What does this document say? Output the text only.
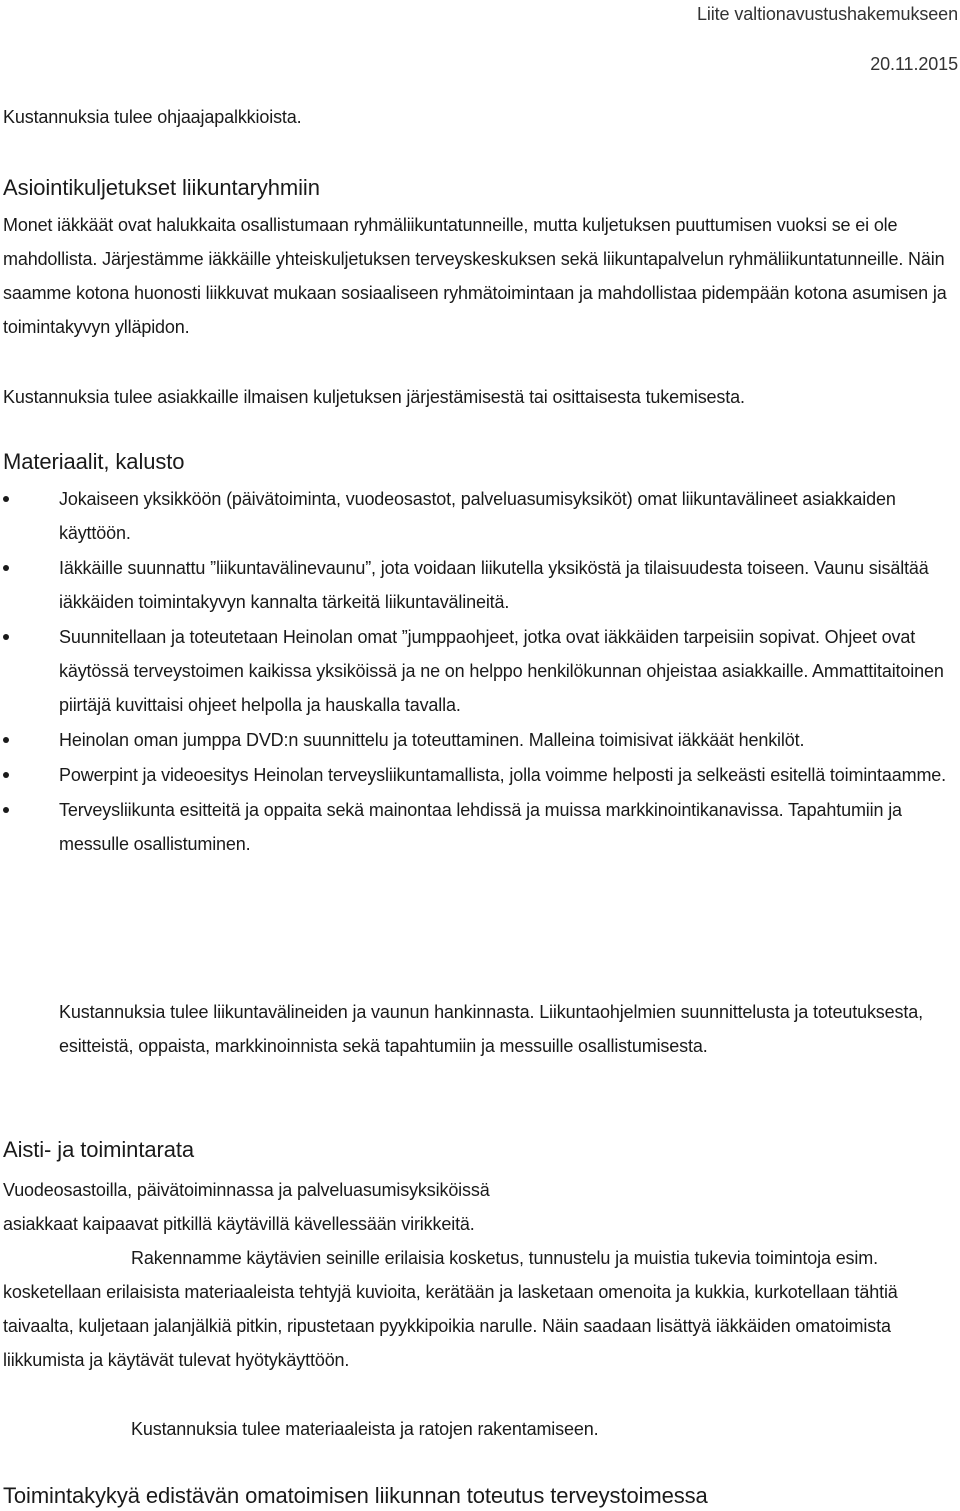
Liite valtionavustushakemukseen
20.11.2015

Kustannuksia tulee ohjaajapalkkioista.

Asiointikuljetukset liikuntaryhmiin

Monet iäkkäät ovat halukkaita osallistumaan ryhmäliikuntatunneille, mutta kuljetuksen puuttumisen vuoksi se ei ole mahdollista. Järjestämme iäkkäille yhteiskuljetuksen terveyskeskuksen sekä liikuntapalvelun ryhmäliikuntatunneille. Näin saamme kotona huonosti liikkuvat mukaan sosiaaliseen ryhmätoimintaan ja mahdollistaa pidempään kotona asumisen ja toimintakyvyn ylläpidon.

Kustannuksia tulee asiakkaille ilmaisen kuljetuksen järjestämisestä tai osittaisesta tukemisesta.

Materiaalit, kalusto
Jokaiseen yksikköön (päivätoiminta, vuodeosastot, palveluasumisyksiköt) omat liikuntavälineet asiakkaiden käyttöön.
Iäkkäille suunnattu ”liikuntavälinevaunu”, jota voidaan liikutella yksiköstä ja tilaisuudesta toiseen. Vaunu sisältää iäkkäiden toimintakyvyn kannalta tärkeitä liikuntavälineitä.
Suunnitellaan ja toteutetaan Heinolan omat ”jumppaohjeet, jotka ovat iäkkäiden tarpeisiin sopivat. Ohjeet ovat käytössä terveystoimen kaikissa yksiköissä ja ne on helppo henkilökunnan ohjeistaa asiakkaille. Ammattitaitoinen piirtäjä kuvittaisi ohjeet helpolla ja hauskalla tavalla.
Heinolan oman jumppa DVD:n suunnittelu ja toteuttaminen. Malleina toimisivat iäkkäät henkilöt.
Powerpint ja videoesitys Heinolan terveysliikuntamallista, jolla voimme helposti ja selkeästi esitellä toimintaamme.
Terveysliikunta esitteitä ja oppaita sekä mainontaa lehdissä ja muissa markkinointikanavissa. Tapahtumiin ja messulle osallistuminen.

Kustannuksia tulee liikuntavälineiden ja vaunun hankinnasta. Liikuntaohjelmien suunnittelusta ja toteutuksesta, esitteistä, oppaista, markkinoinnista sekä tapahtumiin ja messuille osallistumisesta.

Aisti- ja toimintarata

Vuodeosastoilla, päivätoiminnassa ja palveluasumisyksiköissä

asiakkaat kaipaavat pitkillä käytävillä kävellessään virikkeitä.

Rakennamme käytävien seinille erilaisia kosketus, tunnustelu ja muistia tukevia toimintoja esim. kosketellaan erilaisista materiaaleista tehtyjä kuvioita, kerätään ja lasketaan omenoita ja kukkia, kurkotellaan tähtiä taivaalta, kuljetaan jalanjälkiä pitkin, ripustetaan pyykkipoikia narulle. Näin saadaan lisättyä iäkkäiden omatoimista liikkumista ja käytävät tulevat hyötykäyttöön.

Kustannuksia tulee materiaaleista ja ratojen rakentamiseen.

Toimintakykyä edistävän omatoimisen liikunnan toteutus terveystoimessa
